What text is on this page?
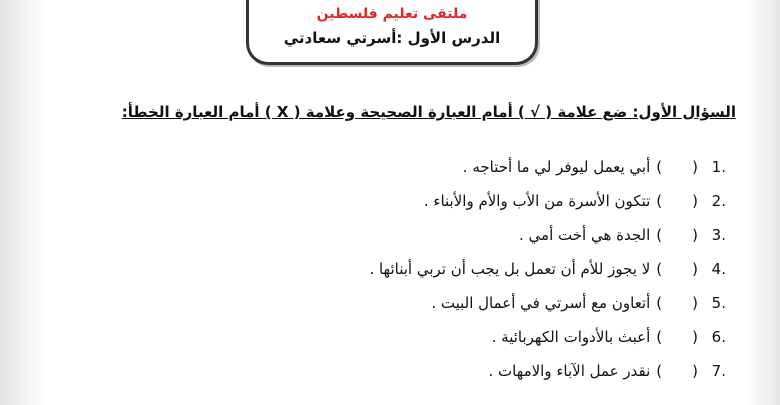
ملتقى تعليم فلسطين
الدرس الأول :أسرتي سعادتي
السؤال الأول: ضع علامة ( √ ) أمام العبارة الصحيحة وعلامة ( X ) أمام العبارة الخطأ:
.1
(
)
أبي يعمل ليوفر لي ما أحتاجه .
.2
(
)
تتكون الأسرة من الأب والأم والأبناء .
.3
(
)
الجدة هي أخت أمي .
.4
(
)
لا يجوز للأم أن تعمل بل يجب أن تربي أبنائها .
.5
(
)
أتعاون مع أسرتي في أعمال البيت .
.6
(
)
أعبث بالأدوات الكهربائية .
.7
(
)
نقدر عمل الآباء والامهات .
